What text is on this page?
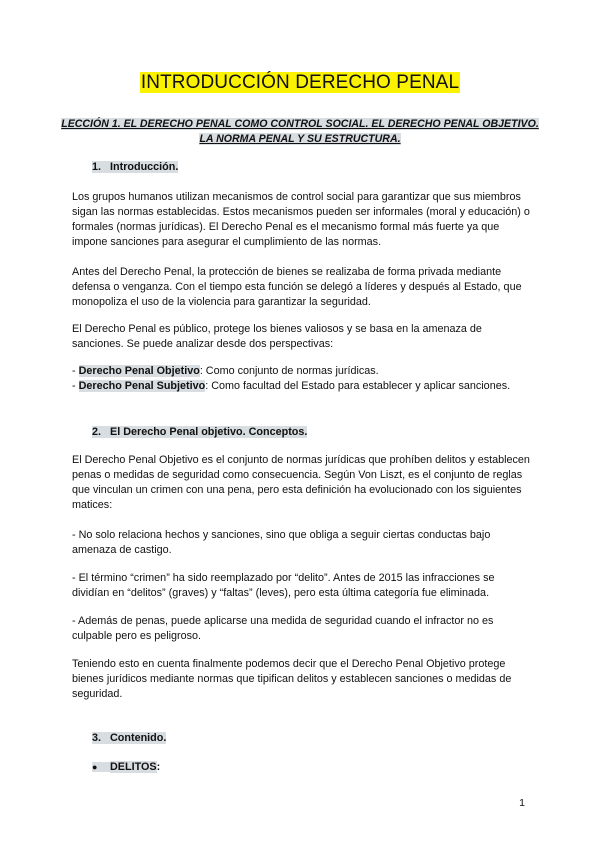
INTRODUCCIÓN DERECHO PENAL
LECCIÓN 1. EL DERECHO PENAL COMO CONTROL SOCIAL. EL DERECHO PENAL OBJETIVO. LA NORMA PENAL Y SU ESTRUCTURA.
1. Introducción.
Los grupos humanos utilizan mecanismos de control social para garantizar que sus miembros sigan las normas establecidas. Estos mecanismos pueden ser informales (moral y educación) o formales (normas jurídicas). El Derecho Penal es el mecanismo formal más fuerte ya que impone sanciones para asegurar el cumplimiento de las normas.
Antes del Derecho Penal, la protección de bienes se realizaba de forma privada mediante defensa o venganza. Con el tiempo esta función se delegó a líderes y después al Estado, que monopoliza el uso de la violencia para garantizar la seguridad.
El Derecho Penal es público, protege los bienes valiosos y se basa en la amenaza de sanciones. Se puede analizar desde dos perspectivas:
- Derecho Penal Objetivo: Como conjunto de normas jurídicas.
- Derecho Penal Subjetivo: Como facultad del Estado para establecer y aplicar sanciones.
2. El Derecho Penal objetivo. Conceptos.
El Derecho Penal Objetivo es el conjunto de normas jurídicas que prohíben delitos y establecen penas o medidas de seguridad como consecuencia. Según Von Liszt, es el conjunto de reglas que vinculan un crimen con una pena, pero esta definición ha evolucionado con los siguientes matices:
- No solo relaciona hechos y sanciones, sino que obliga a seguir ciertas conductas bajo amenaza de castigo.
- El término “crimen” ha sido reemplazado por “delito”. Antes de 2015 las infracciones se dividían en “delitos” (graves) y “faltas” (leves), pero esta última categoría fue eliminada.
- Además de penas, puede aplicarse una medida de seguridad cuando el infractor no es culpable pero es peligroso.
Teniendo esto en cuenta finalmente podemos decir que el Derecho Penal Objetivo protege bienes jurídicos mediante normas que tipifican delitos y establecen sanciones o medidas de seguridad.
3. Contenido.
● DELITOS:
1
